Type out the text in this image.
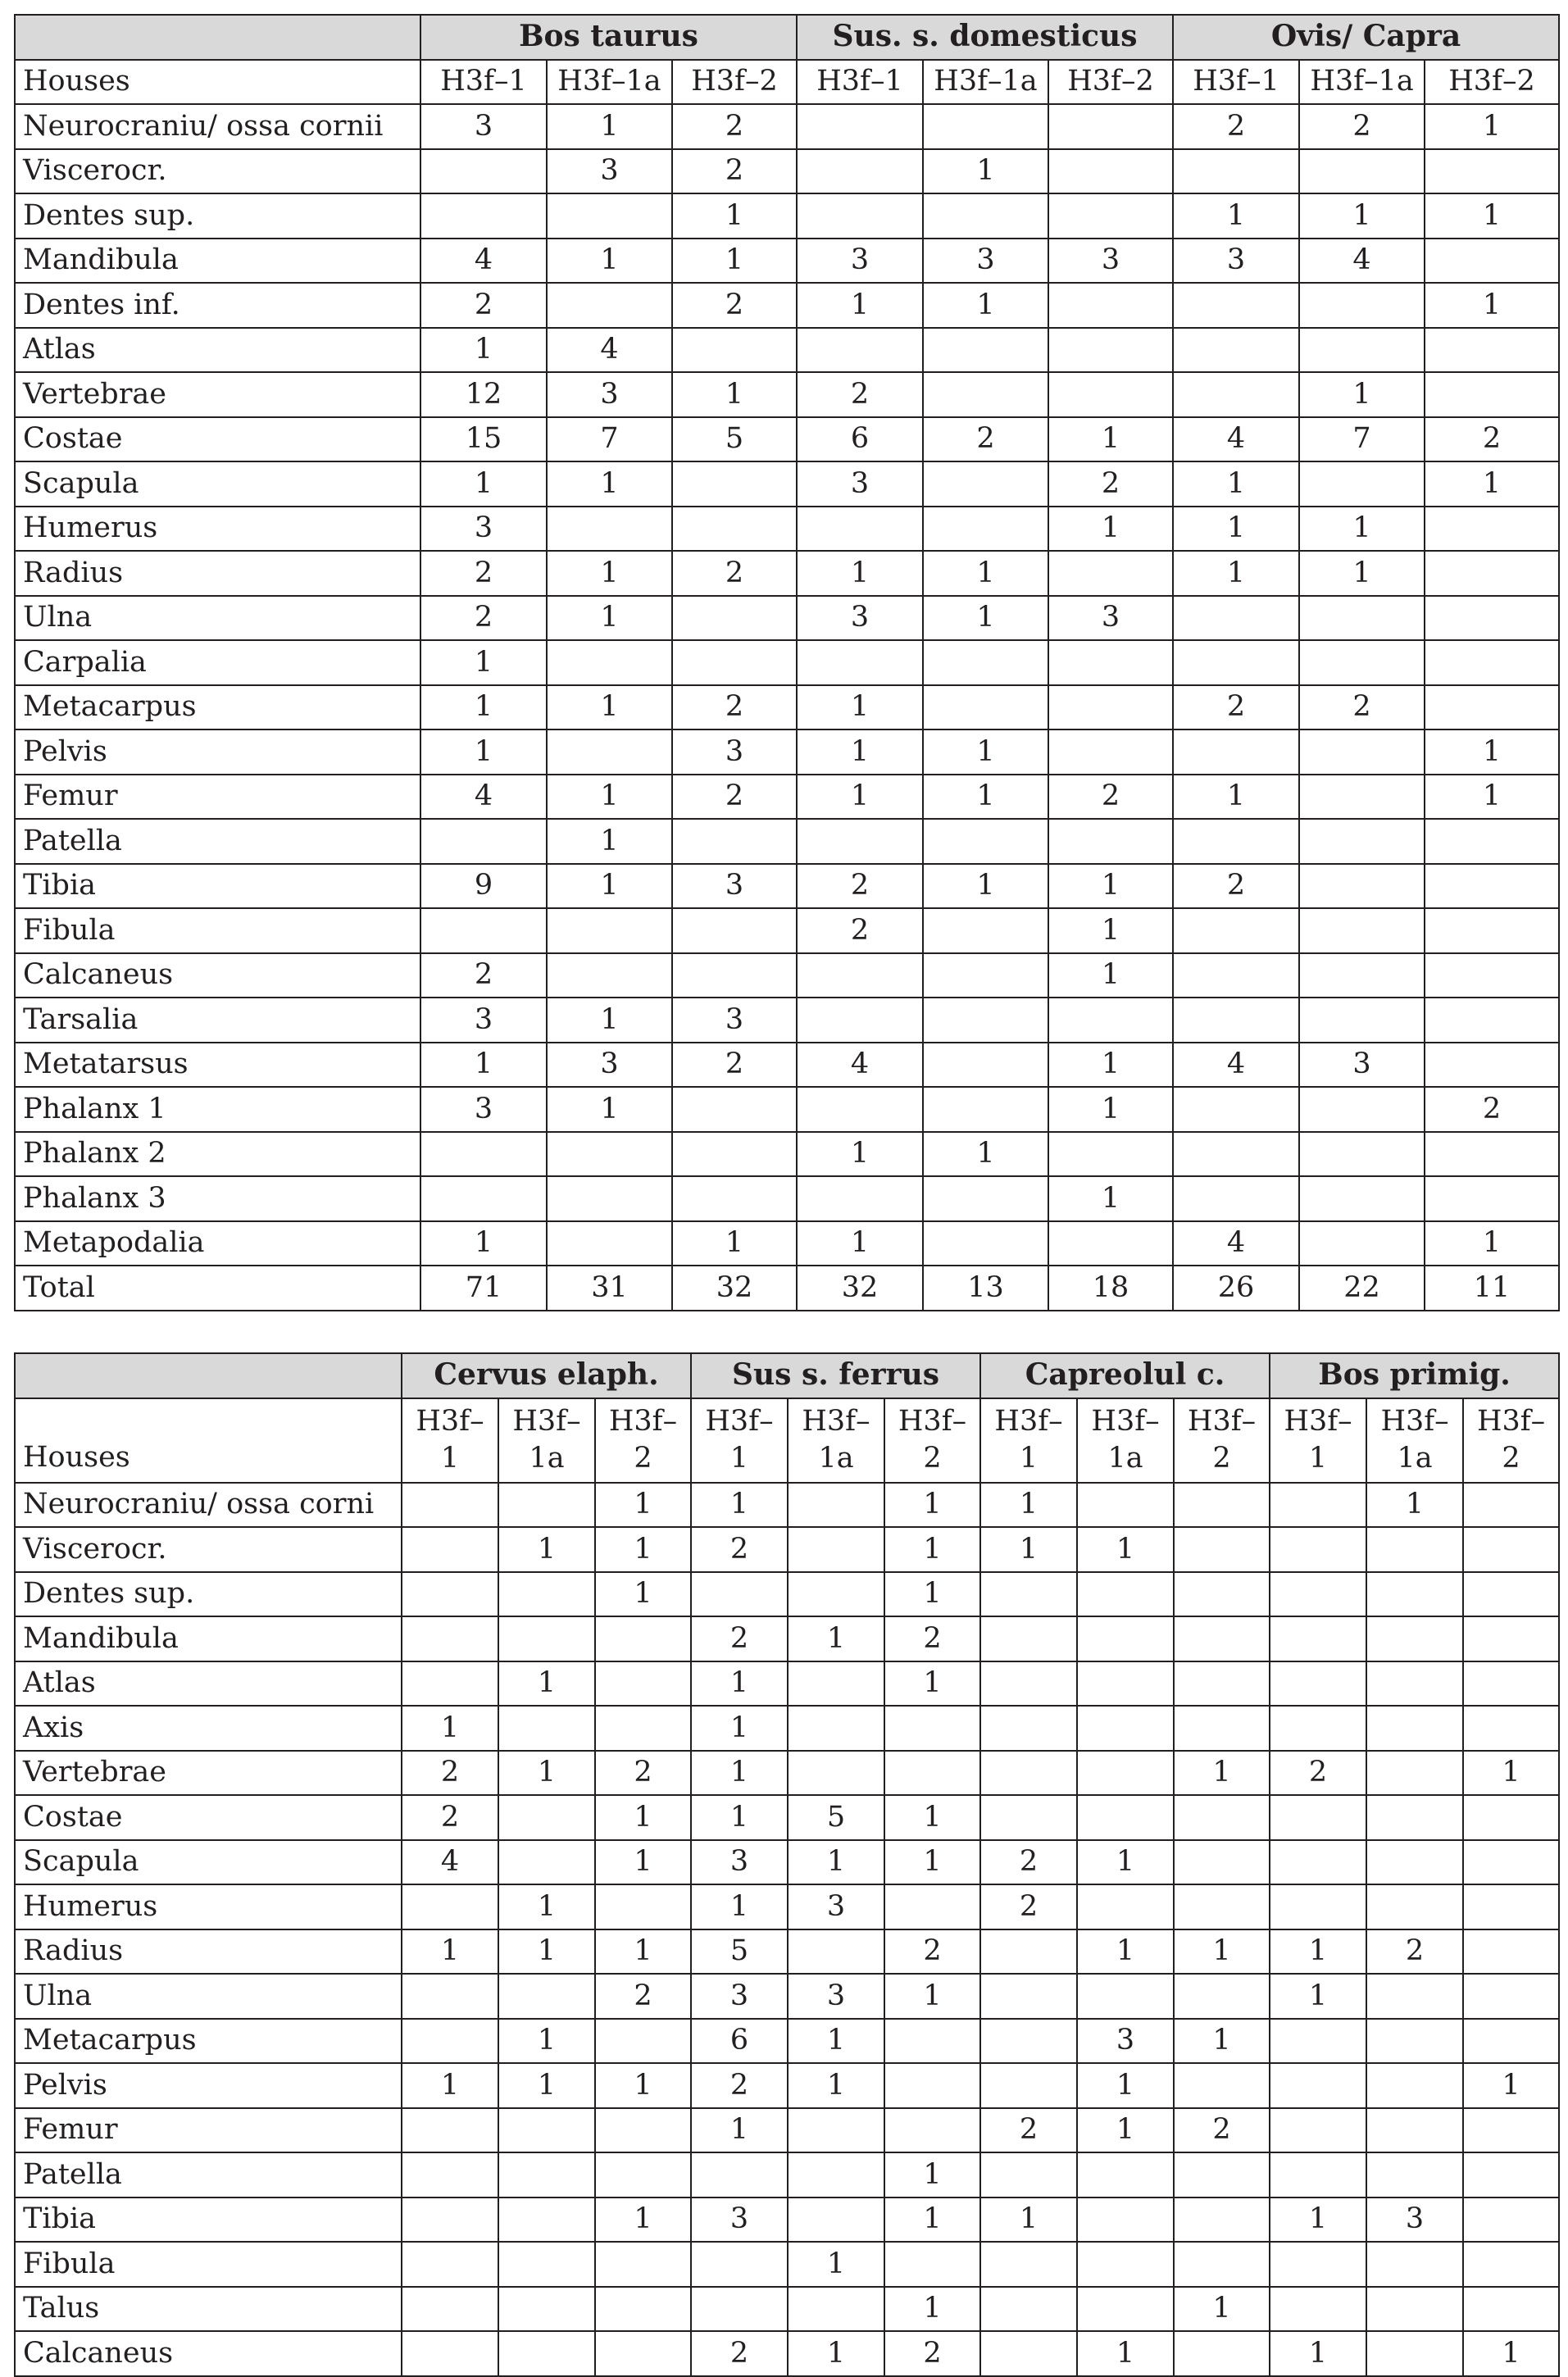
	Bos taurus			Sus. s. domesticus			Ovis/ Capra		
Houses	H3f–1	H3f–1a	H3f–2	H3f–1	H3f–1a	H3f–2	H3f–1	H3f–1a	H3f–2
Neurocraniu/ ossa cornii	3	1	2				2	2	1
Viscerocr.		3	2		1				
Dentes sup.			1				1	1	1
Mandibula	4	1	1	3	3	3	3	4	
Dentes inf.	2		2	1	1				1
Atlas	1	4							
Vertebrae	12	3	1	2				1	
Costae	15	7	5	6	2	1	4	7	2
Scapula	1	1		3		2	1		1
Humerus	3					1	1	1	
Radius	2	1	2	1	1		1	1	
Ulna	2	1		3	1	3			
Carpalia	1								
Metacarpus	1	1	2	1			2	2	
Pelvis	1		3	1	1				1
Femur	4	1	2	1	1	2	1		1
Patella		1							
Tibia	9	1	3	2	1	1	2		
Fibula				2		1			
Calcaneus	2					1			
Tarsalia	3	1	3						
Metatarsus	1	3	2	4		1	4	3	
Phalanx 1	3	1				1			2
Phalanx 2				1	1				
Phalanx 3						1			
Metapodalia	1		1	1			4		1
Total	71	31	32	32	13	18	26	22	11
	Cervus elaph.			Sus s. ferrus			Capreolul c.			Bos primig.		
Houses	H3f– 1	H3f– 1a	H3f– 2	H3f– 1	H3f– 1a	H3f– 2	H3f– 1	H3f– 1a	H3f– 2	H3f– 1	H3f– 1a	H3f– 2
Neurocraniu/ ossa corni			1	1		1	1				1	
Viscerocr.		1	1	2		1	1	1				
Dentes sup.			1			1						
Mandibula				2	1	2						
Atlas		1		1		1						
Axis	1			1								
Vertebrae	2	1	2	1					1	2		1
Costae	2		1	1	5	1						
Scapula	4		1	3	1	1	2	1				
Humerus		1		1	3		2					
Radius	1	1	1	5		2		1	1	1	2	
Ulna			2	3	3	1				1		
Metacarpus		1		6	1			3	1			
Pelvis	1	1	1	2	1			1				1
Femur				1			2	1	2			
Patella						1						
Tibia			1	3		1	1			1	3	
Fibula					1							
Talus						1			1			
Calcaneus				2	1	2		1		1		1
